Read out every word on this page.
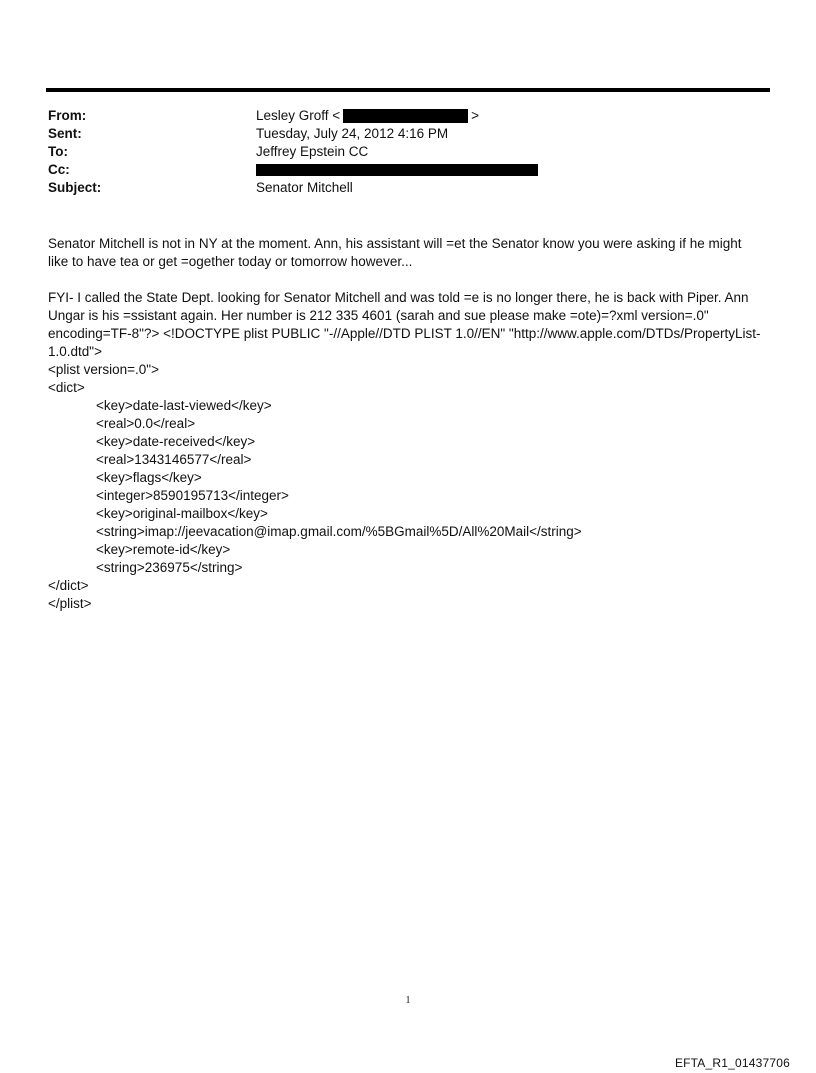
From:	Lesley Groff <	>
Sent:	Tuesday, July 24, 2012 4:16 PM
To:	Jeffrey Epstein CC
Cc:
Subject:	Senator Mitchell

Senator Mitchell is not in NY at the moment. Ann, his assistant will =et the Senator know you were asking if he might like to have tea or get =ogether today or tomorrow however...

FYI- I called the State Dept. looking for Senator Mitchell and was told =e is no longer there, he is back with Piper. Ann Ungar is his =ssistant again. Her number is 212 335 4601 (sarah and sue please make =ote)=?xml version=.0" encoding=TF-8"?> <!DOCTYPE plist PUBLIC "-//Apple//DTD PLIST 1.0//EN" "http://www.apple.com/DTDs/PropertyList-1.0.dtd">

<plist version=.0">

<dict>

<key>date-last-viewed</key>

<real>0.0</real>

<key>date-received</key>

<real>1343146577</real>

<key>flags</key>

<integer>8590195713</integer>

<key>original-mailbox</key>

<string>imap://jeevacation@imap.gmail.com/%5BGmail%5D/All%20Mail</string>

<key>remote-id</key>

<string>236975</string>

</dict>

</plist>

1
EFTA_R1_01437706
